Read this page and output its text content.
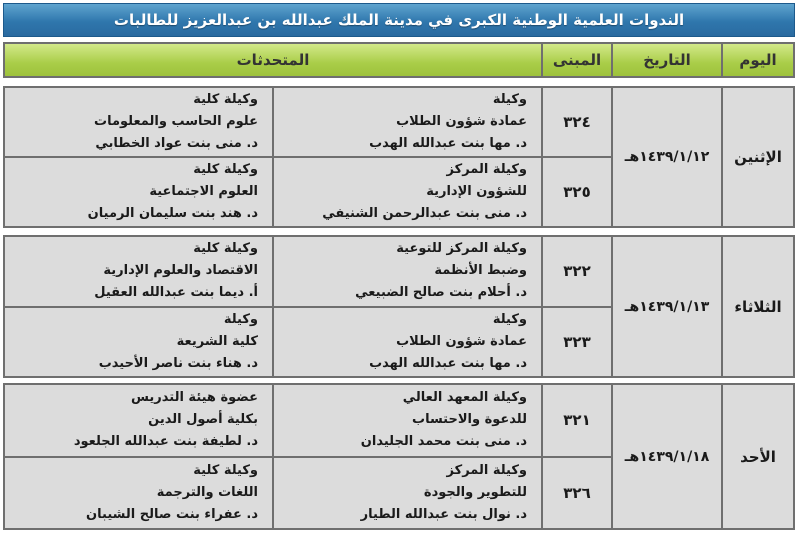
الندوات العلمية الوطنية الكبرى في مدينة الملك عبدالله بن عبدالعزيز للطالبات
اليوم
التاريخ
المبنى
المتحدثات
الإثنين
١٤٣٩/١/١٢هـ
٣٢٤
وكيلة
عمادة شؤون الطلاب
د. مها بنت عبدالله الهدب
وكيلة كلية
علوم الحاسب والمعلومات
د. منى بنت عواد الخطابي
٣٢٥
وكيلة المركز
للشؤون الإدارية
د. منى بنت عبدالرحمن الشنيفي
وكيلة كلية
العلوم الاجتماعية
د. هند بنت سليمان الرميان
الثلاثاء
١٤٣٩/١/١٣هـ
٣٢٢
وكيلة المركز للتوعية
وضبط الأنظمة
د. أحلام بنت صالح الضبيعي
وكيلة كلية
الاقتصاد والعلوم الإدارية
أ. ديما بنت عبدالله العقيل
٣٢٣
وكيلة
عمادة شؤون الطلاب
د. مها بنت عبدالله الهدب
وكيلة
كلية الشريعة
د. هناء بنت ناصر الأحيدب
الأحد
١٤٣٩/١/١٨هـ
٣٢١
وكيلة المعهد العالي
للدعوة والاحتساب
د. منى بنت محمد الجليدان
عضوة هيئة التدريس
بكلية أصول الدين
د. لطيفة بنت عبدالله الجلعود
٣٢٦
وكيلة المركز
للتطوير والجودة
د. نوال بنت عبدالله الطيار
وكيلة كلية
اللغات والترجمة
د. عفراء بنت صالح الشيبان
